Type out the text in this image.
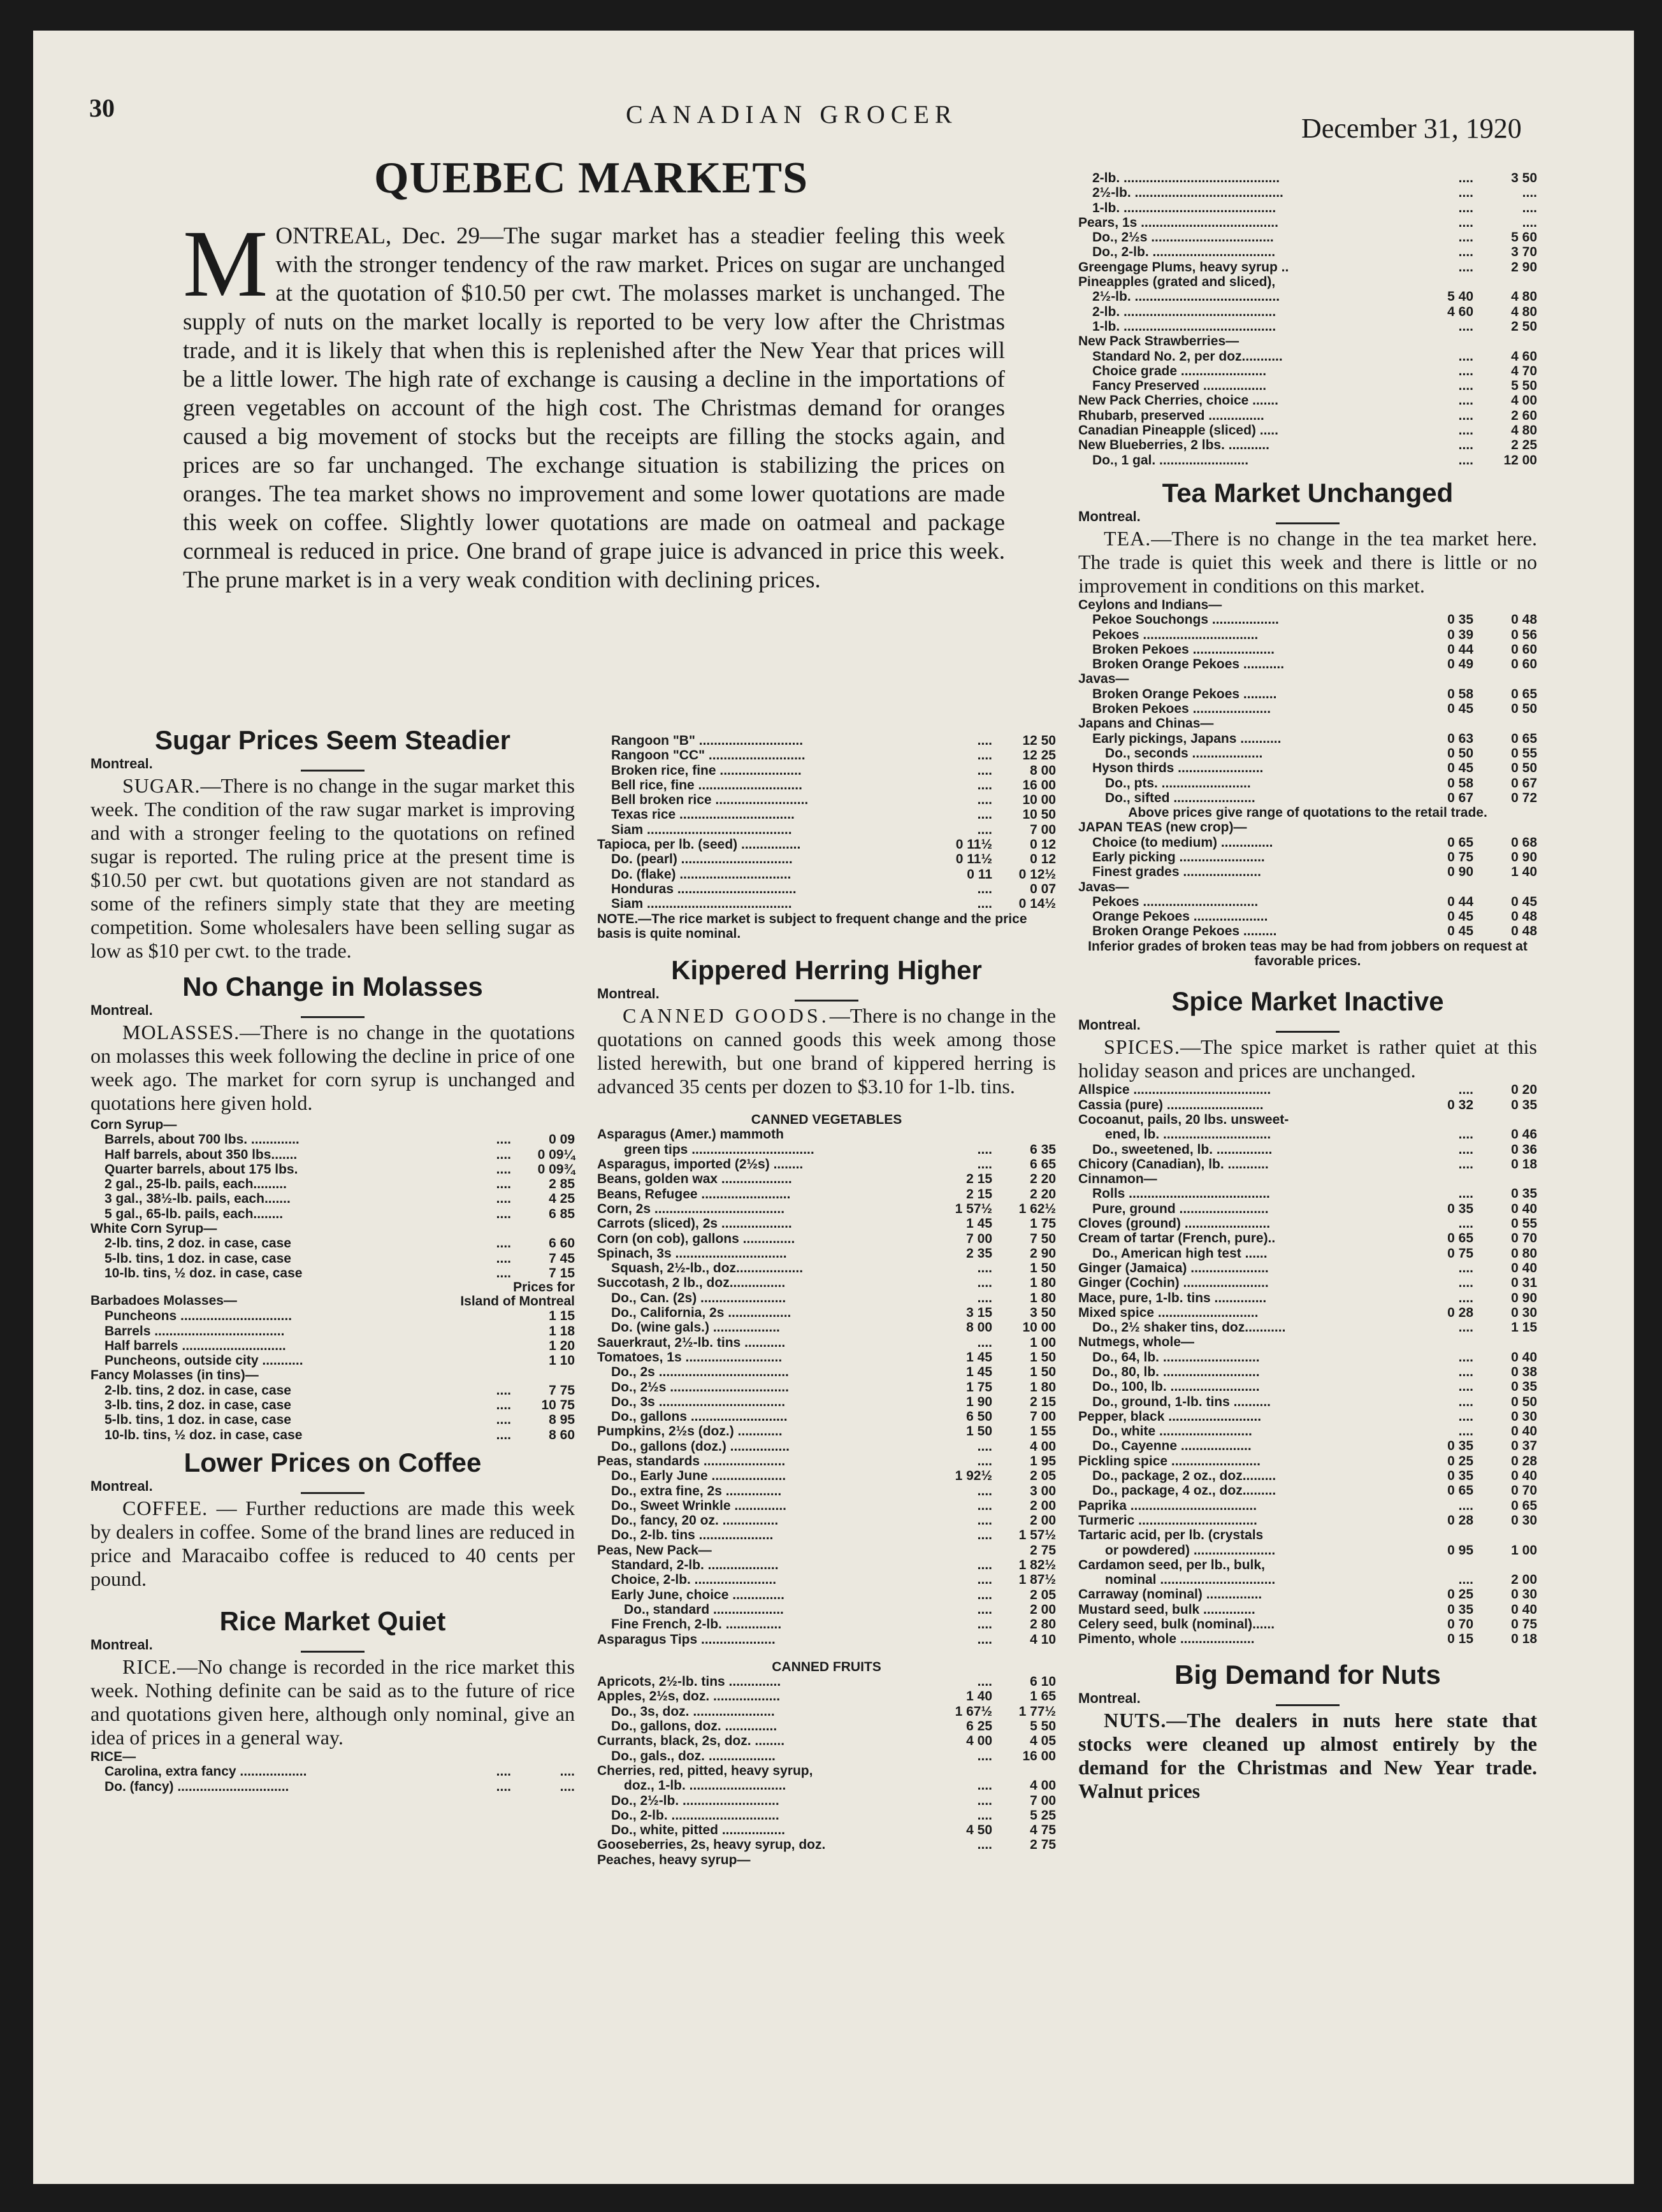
30	CANADIAN GROCER	December 31, 1920
QUEBEC MARKETS
MONTREAL, Dec. 29—The sugar market has a steadier feeling this week with the stronger tendency of the raw market. Prices on sugar are unchanged at the quotation of $10.50 per cwt. The molasses market is unchanged. The supply of nuts on the market locally is reported to be very low after the Christmas trade, and it is likely that when this is replenished after the New Year that prices will be a little lower. The high rate of exchange is causing a decline in the importations of green vegetables on account of the high cost. The Christmas demand for oranges caused a big movement of stocks but the receipts are filling the stocks again, and prices are so far unchanged. The exchange situation is stabilizing the prices on oranges. The tea market shows no improvement and some lower quotations are made this week on coffee. Slightly lower quotations are made on oatmeal and package cornmeal is reduced in price. One brand of grape juice is advanced in price this week. The prune market is in a very weak condition with declining prices.
Sugar Prices Seem Steadier
Montreal.
SUGAR.—There is no change in the sugar market this week. The condition of the raw sugar market is improving and with a stronger feeling to the quotations on refined sugar is reported. The ruling price at the present time is $10.50 per cwt. but quotations given are not standard as some of the refiners simply state that they are meeting competition. Some wholesalers have been selling sugar as low as $10 per cwt. to the trade.
No Change in Molasses
Montreal.
MOLASSES.—There is no change in the quotations on molasses this week following the decline in price of one week ago. The market for corn syrup is unchanged and quotations here given hold.
Corn Syrup—
Barrels, about 700 lbs. .............	....	0 09
Half barrels, about 350 lbs.......	....	0 09¼
Quarter barrels, about 175 lbs.	....	0 09¾
2 gal., 25-lb. pails, each.........	....	2 85
3 gal., 38½-lb. pails, each.......	....	4 25
5 gal., 65-lb. pails, each........	....	6 85
White Corn Syrup—
2-lb. tins, 2 doz. in case, case	....	6 60
5-lb. tins, 1 doz. in case, case	....	7 45
10-lb. tins, ½ doz. in case, case	....	7 15
Barbadoes Molasses—
Prices for
Island of Montreal
Puncheons ..............................	1 15
Barrels ...................................	1 18
Half barrels ............................	1 20
Puncheons, outside city ...........	1 10
Fancy Molasses (in tins)—
2-lb. tins, 2 doz. in case, case	....	7 75
3-lb. tins, 2 doz. in case, case	....	10 75
5-lb. tins, 1 doz. in case, case	....	8 95
10-lb. tins, ½ doz. in case, case	....	8 60
Lower Prices on Coffee
Montreal.
COFFEE. — Further reductions are made this week by dealers in coffee. Some of the brand lines are reduced in price and Maracaibo coffee is reduced to 40 cents per pound.
Rice Market Quiet
Montreal.
RICE.—No change is recorded in the rice market this week. Nothing definite can be said as to the future of rice and quotations given here, although only nominal, give an idea of prices in a general way.
RICE—
Carolina, extra fancy ..................	....	....
Do. (fancy) ..............................	....	....
Rangoon "B" ............................	....	12 50
Rangoon "CC" ..........................	....	12 25
Broken rice, fine ......................	....	8 00
Bell rice, fine ............................	....	16 00
Bell broken rice .........................	....	10 00
Texas rice ...............................	....	10 50
Siam .......................................	....	7 00
Tapioca, per lb. (seed) ................	0 11½	0 12
Do. (pearl) ..............................	0 11½	0 12
Do. (flake) ..............................	0 11	0 12½
Honduras ................................	....	0 07
Siam .......................................	....	0 14½
NOTE.—The rice market is subject to frequent change and the price basis is quite nominal.
Kippered Herring Higher
Montreal.
CANNED GOODS.—There is no change in the quotations on canned goods this week among those listed herewith, but one brand of kippered herring is advanced 35 cents per dozen to $3.10 for 1-lb. tins.
CANNED VEGETABLES
Asparagus (Amer.) mammoth
green tips .................................	....	6 35
Asparagus, imported (2½s) ........	....	6 65
Beans, golden wax ...................	2 15	2 20
Beans, Refugee ........................	2 15	2 20
Corn, 2s ...................................	1 57½	1 62½
Carrots (sliced), 2s ...................	1 45	1 75
Corn (on cob), gallons ..............	7 00	7 50
Spinach, 3s ..............................	2 35	2 90
Squash, 2½-lb., doz..................	....	1 50
Succotash, 2 lb., doz...............	....	1 80
Do., Can. (2s) .......................	....	1 80
Do., California, 2s .................	3 15	3 50
Do. (wine gals.) ..................	8 00	10 00
Sauerkraut, 2½-lb. tins ...........	....	1 00
Tomatoes, 1s ..........................	1 45	1 50
Do., 2s ...................................	1 45	1 50
Do., 2½s ................................	1 75	1 80
Do., 3s ..................................	1 90	2 15
Do., gallons ..........................	6 50	7 00
Pumpkins, 2½s (doz.) ............	1 50	1 55
Do., gallons (doz.) ................	....	4 00
Peas, standards ......................	....	1 95
Do., Early June ....................	1 92½	2 05
Do., extra fine, 2s ...............	....	3 00
Do., Sweet Wrinkle ..............	....	2 00
Do., fancy, 20 oz. ...............	....	2 00
Do., 2-lb. tins ....................	....	1 57½
Peas, New Pack—	2 75
Standard, 2-lb. ...................	....	1 82½
Choice, 2-lb. ......................	....	1 87½
Early June, choice ..............	....	2 05
Do., standard ...................	....	2 00
Fine French, 2-lb. ...............	....	2 80
Asparagus Tips ....................	....	4 10
CANNED FRUITS
Apricots, 2½-lb. tins ..............	....	6 10
Apples, 2½s, doz. ..................	1 40	1 65
Do., 3s, doz. ......................	1 67½	1 77½
Do., gallons, doz. ..............	6 25	5 50
Currants, black, 2s, doz. ........	4 00	4 05
Do., gals., doz. ..................	....	16 00
Cherries, red, pitted, heavy syrup,
doz., 1-lb. ..........................	....	4 00
Do., 2½-lb. ..........................	....	7 00
Do., 2-lb. .............................	....	5 25
Do., white, pitted .................	4 50	4 75
Gooseberries, 2s, heavy syrup, doz.	....	2 75
Peaches, heavy syrup—
2-lb. ..........................................	....	3 50
2½-lb. ........................................	....	....
1-lb. .........................................	....	....
Pears, 1s .....................................	....	....
Do., 2½s .................................	....	5 60
Do., 2-lb. .................................	....	3 70
Greengage Plums, heavy syrup ..	....	2 90
Pineapples (grated and sliced),
2½-lb. .......................................	5 40	4 80
2-lb. .........................................	4 60	4 80
1-lb. .........................................	....	2 50
New Pack Strawberries—
Standard No. 2, per doz...........	....	4 60
Choice grade .......................	....	4 70
Fancy Preserved .................	....	5 50
New Pack Cherries, choice .......	....	4 00
Rhubarb, preserved ...............	....	2 60
Canadian Pineapple (sliced) .....	....	4 80
New Blueberries, 2 lbs. ...........	....	2 25
Do., 1 gal. ........................	....	12 00
Tea Market Unchanged
Montreal.
TEA.—There is no change in the tea market here. The trade is quiet this week and there is little or no improvement in conditions on this market.
Ceylons and Indians—
Pekoe Souchongs ..................	0 35	0 48
Pekoes ...............................	0 39	0 56
Broken Pekoes ......................	0 44	0 60
Broken Orange Pekoes ...........	0 49	0 60
Javas—
Broken Orange Pekoes .........	0 58	0 65
Broken Pekoes .....................	0 45	0 50
Japans and Chinas—
Early pickings, Japans ...........	0 63	0 65
Do., seconds ...................	0 50	0 55
Hyson thirds .......................	0 45	0 50
Do., pts. ........................	0 58	0 67
Do., sifted ......................	0 67	0 72
Above prices give range of quotations to the retail trade.
JAPAN TEAS (new crop)—
Choice (to medium) ..............	0 65	0 68
Early picking .......................	0 75	0 90
Finest grades .....................	0 90	1 40
Javas—
Pekoes ...............................	0 44	0 45
Orange Pekoes ....................	0 45	0 48
Broken Orange Pekoes .........	0 45	0 48
Inferior grades of broken teas may be had from jobbers on request at favorable prices.
Spice Market Inactive
Montreal.
SPICES.—The spice market is rather quiet at this holiday season and prices are unchanged.
Allspice .....................................	....	0 20
Cassia (pure) ..........................	0 32	0 35
Cocoanut, pails, 20 lbs. unsweet-
ened, lb. .............................	....	0 46
Do., sweetened, lb. ...............	....	0 36
Chicory (Canadian), lb. ...........	....	0 18
Cinnamon—
Rolls ......................................	....	0 35
Pure, ground ........................	0 35	0 40
Cloves (ground) .......................	....	0 55
Cream of tartar (French, pure)..	0 65	0 70
Do., American high test ......	0 75	0 80
Ginger (Jamaica) .....................	....	0 40
Ginger (Cochin) .......................	....	0 31
Mace, pure, 1-lb. tins ..............	....	0 90
Mixed spice ...........................	0 28	0 30
Do., 2½ shaker tins, doz...........	....	1 15
Nutmegs, whole—
Do., 64, lb. ..........................	....	0 40
Do., 80, lb. ..........................	....	0 38
Do., 100, lb. ........................	....	0 35
Do., ground, 1-lb. tins ..........	....	0 50
Pepper, black .........................	....	0 30
Do., white .........................	....	0 40
Do., Cayenne ...................	0 35	0 37
Pickling spice ........................	0 25	0 28
Do., package, 2 oz., doz.........	0 35	0 40
Do., package, 4 oz., doz.........	0 65	0 70
Paprika ..................................	....	0 65
Turmeric ................................	0 28	0 30
Tartaric acid, per lb. (crystals
or powdered) ......................	0 95	1 00
Cardamon seed, per lb., bulk,
nominal ...............................	....	2 00
Carraway (nominal) ...............	0 25	0 30
Mustard seed, bulk ..............	0 35	0 40
Celery seed, bulk (nominal)......	0 70	0 75
Pimento, whole ....................	0 15	0 18
Big Demand for Nuts
Montreal.
NUTS.—The dealers in nuts here state that stocks were cleaned up almost entirely by the demand for the Christmas and New Year trade. Walnut prices
